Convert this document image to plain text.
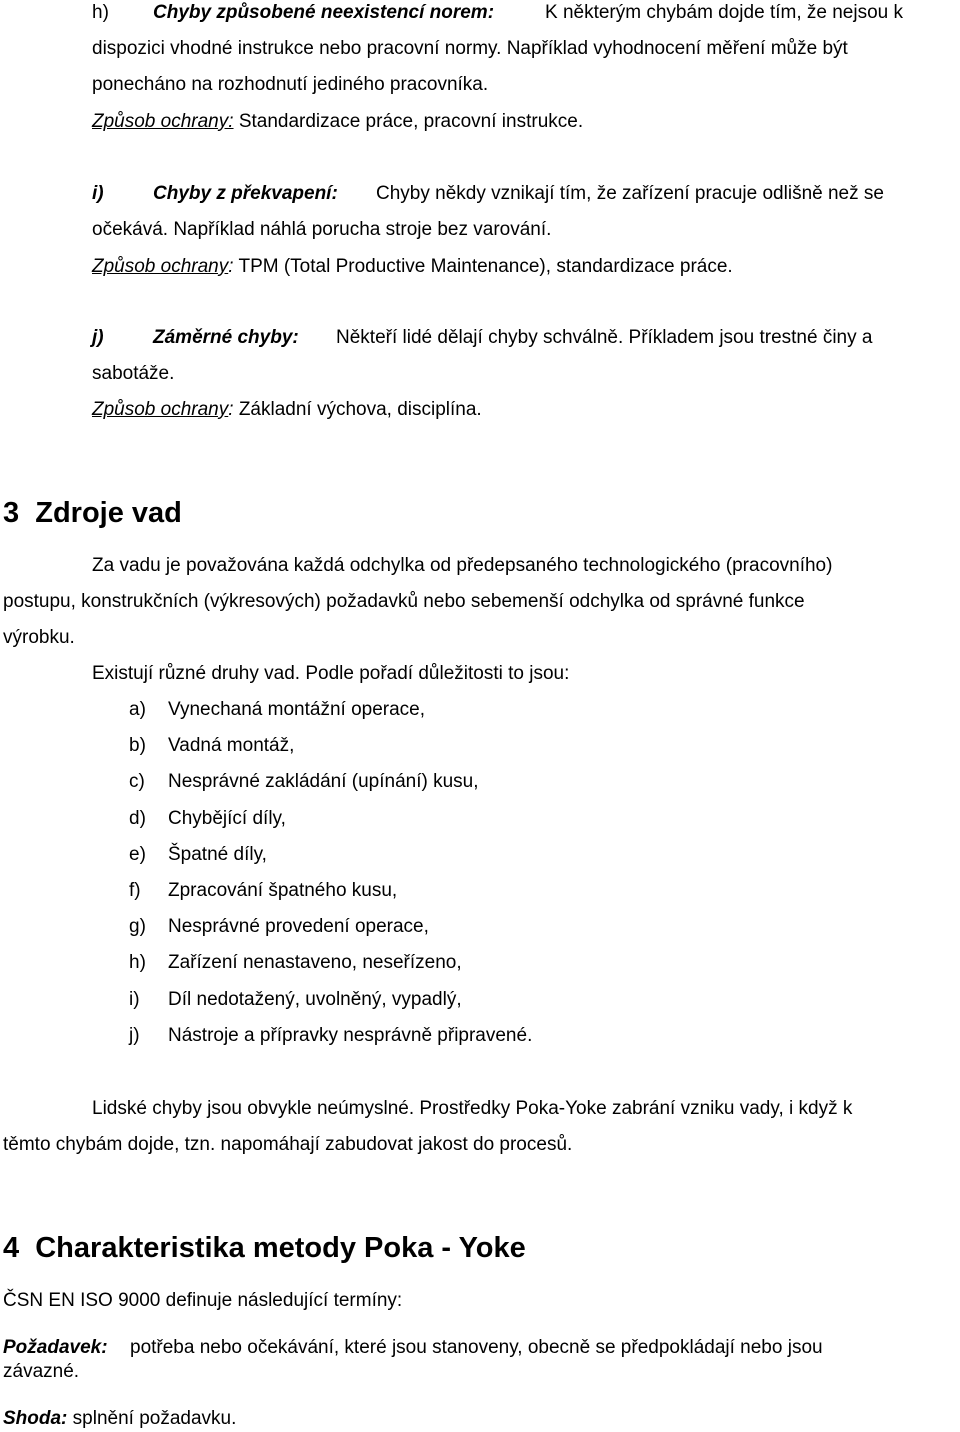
h) Chyby způsobené neexistencí norem:	K některým chybám dojde tím, že nejsou k
dispozici vhodné instrukce nebo pracovní normy. Například vyhodnocení měření může být
ponecháno na rozhodnutí jediného pracovníka.
Způsob ochrany: Standardizace práce, pracovní instrukce.
i)	Chyby z překvapení: Chyby někdy vznikají tím, že zařízení pracuje odlišně než se
očekává. Například náhlá porucha stroje bez varování.
Způsob ochrany: TPM (Total Productive Maintenance), standardizace práce.
j)	Záměrné chyby: Někteří lidé dělají chyby schválně. Příkladem jsou trestné činy a
sabotáže.
Způsob ochrany: Základní výchova, disciplína.
3  Zdroje vad
Za vadu je považována každá odchylka od předepsaného technologického (pracovního)
postupu, konstrukčních (výkresových) požadavků nebo sebemenší odchylka od správné funkce
výrobku.
Existují různé druhy vad. Podle pořadí důležitosti to jsou:
a) Vynechaná montážní operace,
b) Vadná montáž,
c) Nesprávné zakládání (upínání) kusu,
d) Chybějící díly,
e) Špatné díly,
f) Zpracování špatného kusu,
g) Nesprávné provedení operace,
h) Zařízení nenastaveno, neseřízeno,
i) Díl nedotažený, uvolněný, vypadlý,
j) Nástroje a přípravky nesprávně připravené.
Lidské chyby jsou obvykle neúmyslné. Prostředky Poka-Yoke zabrání vzniku vady, i když k
těmto chybám dojde, tzn. napomáhají zabudovat jakost do procesů.
4  Charakteristika metody Poka - Yoke
ČSN EN ISO 9000 definuje následující termíny:
Požadavek: potřeba nebo očekávání, které jsou stanoveny, obecně se předpokládají nebo jsou
závazné.
Shoda: splnění požadavku.
